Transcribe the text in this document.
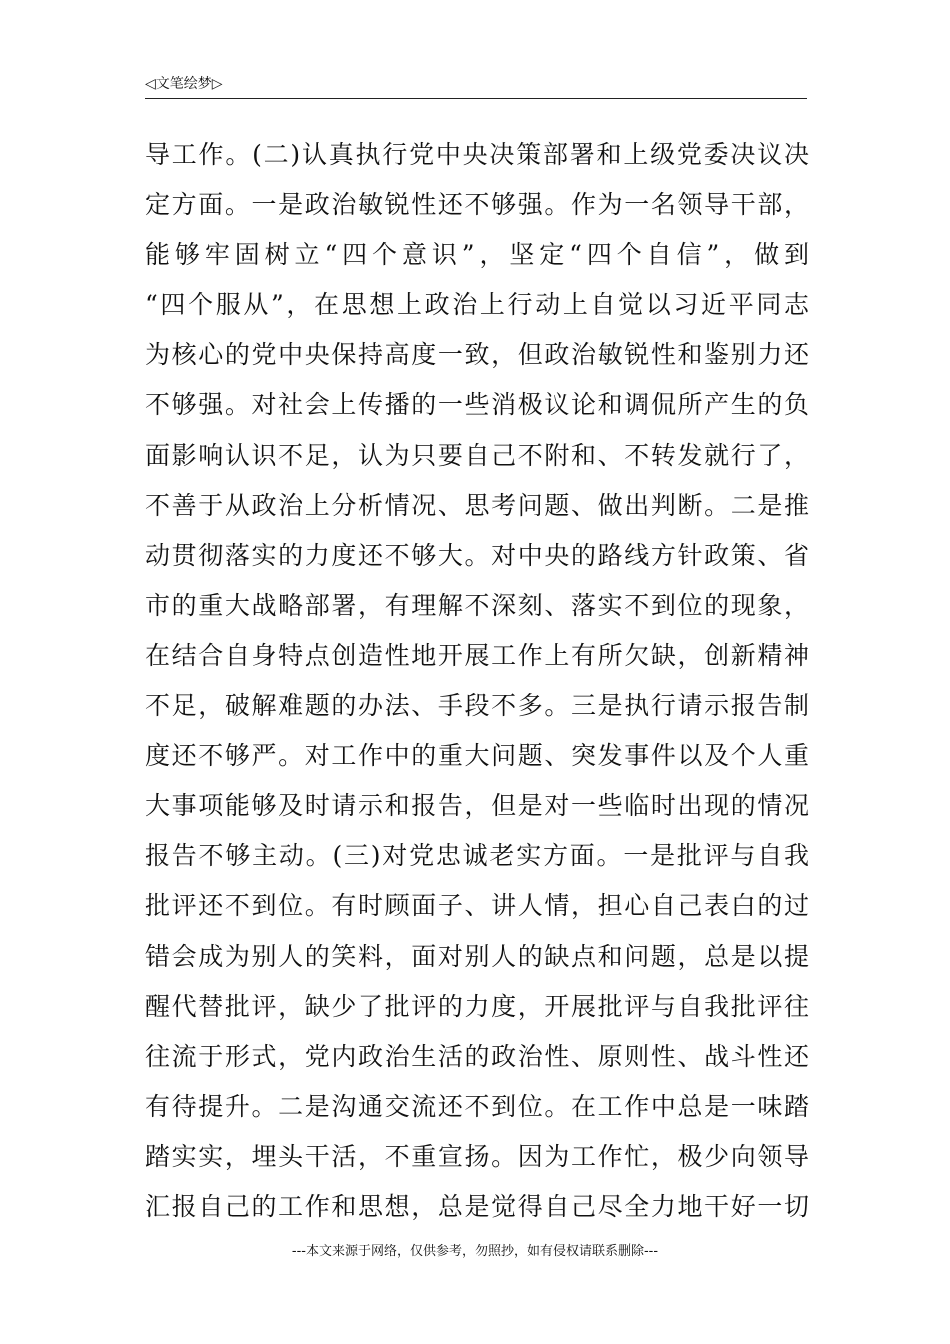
◁文笔绘梦▷
导工作。(二)认真执行党中央决策部署和上级党委决议决
定方面。一是政治敏锐性还不够强。作为一名领导干部，
能够牢固树立“四个意识”，坚定“四个自信”，做到
“四个服从”，在思想上政治上行动上自觉以习近平同志
为核心的党中央保持高度一致，但政治敏锐性和鉴别力还
不够强。对社会上传播的一些消极议论和调侃所产生的负
面影响认识不足，认为只要自己不附和、不转发就行了，
不善于从政治上分析情况、思考问题、做出判断。二是推
动贯彻落实的力度还不够大。对中央的路线方针政策、省
市的重大战略部署，有理解不深刻、落实不到位的现象，
在结合自身特点创造性地开展工作上有所欠缺，创新精神
不足，破解难题的办法、手段不多。三是执行请示报告制
度还不够严。对工作中的重大问题、突发事件以及个人重
大事项能够及时请示和报告，但是对一些临时出现的情况
报告不够主动。(三)对党忠诚老实方面。一是批评与自我
批评还不到位。有时顾面子、讲人情，担心自己表白的过
错会成为别人的笑料，面对别人的缺点和问题，总是以提
醒代替批评，缺少了批评的力度，开展批评与自我批评往
往流于形式，党内政治生活的政治性、原则性、战斗性还
有待提升。二是沟通交流还不到位。在工作中总是一味踏
踏实实，埋头干活，不重宣扬。因为工作忙，极少向领导
汇报自己的工作和思想，总是觉得自己尽全力地干好一切
---本文来源于网络，仅供参考，勿照抄，如有侵权请联系删除---
